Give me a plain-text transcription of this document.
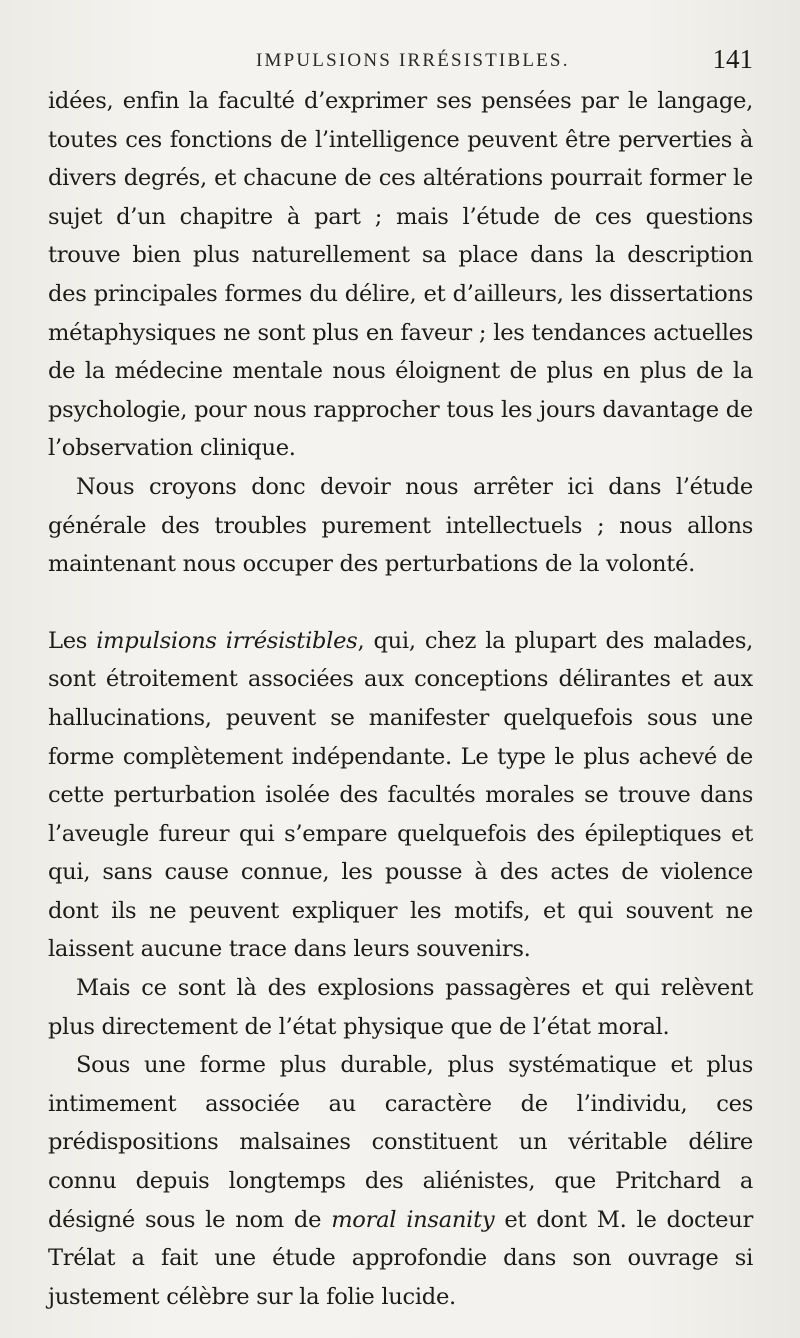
IMPULSIONS IRRÉSISTIBLES.	141

idées, enfin la faculté d’exprimer ses pensées par le langage, toutes ces fonctions de l’intelligence peuvent être perverties à divers degrés, et chacune de ces altérations pourrait former le sujet d’un chapitre à part ; mais l’étude de ces questions trouve bien plus naturellement sa place dans la description des principales formes du délire, et d’ailleurs, les dissertations métaphysiques ne sont plus en faveur ; les tendances actuelles de la médecine mentale nous éloignent de plus en plus de la psychologie, pour nous rapprocher tous les jours davantage de l’observation clinique.

Nous croyons donc devoir nous arrêter ici dans l’étude générale des troubles purement intellectuels ; nous allons maintenant nous occuper des perturbations de la volonté.

Les impulsions irrésistibles, qui, chez la plupart des malades, sont étroitement associées aux conceptions délirantes et aux hallucinations, peuvent se manifester quelquefois sous une forme complètement indépendante. Le type le plus achevé de cette perturbation isolée des facultés morales se trouve dans l’aveugle fureur qui s’empare quelquefois des épileptiques et qui, sans cause connue, les pousse à des actes de violence dont ils ne peuvent expliquer les motifs, et qui souvent ne laissent aucune trace dans leurs souvenirs.

Mais ce sont là des explosions passagères et qui relèvent plus directement de l’état physique que de l’état moral.

Sous une forme plus durable, plus systématique et plus intimement associée au caractère de l’individu, ces prédispositions malsaines constituent un véritable délire connu depuis longtemps des aliénistes, que Pritchard a désigné sous le nom de moral insanity et dont M. le docteur Trélat a fait une étude approfondie dans son ouvrage si justement célèbre sur la folie lucide.
